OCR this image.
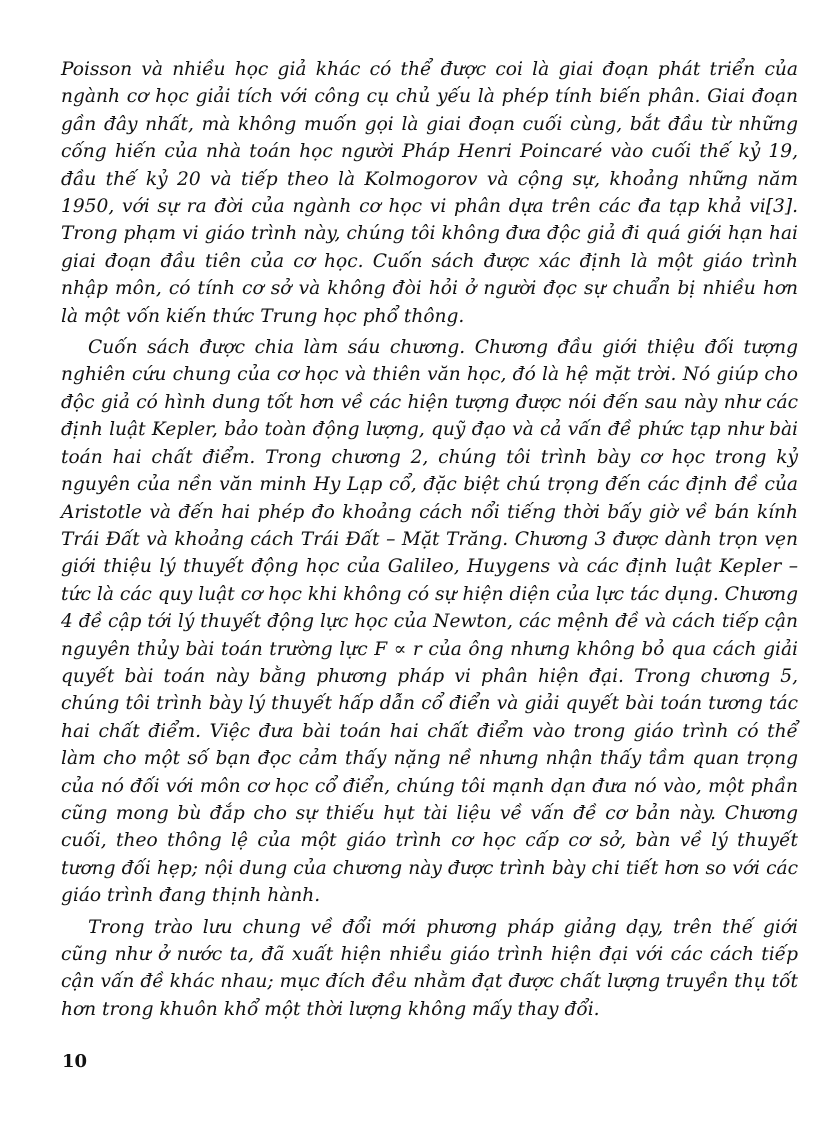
Poisson và nhiều học giả khác có thể được coi là giai đoạn phát triển của ngành cơ học giải tích với công cụ chủ yếu là phép tính biến phân. Giai đoạn gần đây nhất, mà không muốn gọi là giai đoạn cuối cùng, bắt đầu từ những cống hiến của nhà toán học người Pháp Henri Poincaré vào cuối thế kỷ 19, đầu thế kỷ 20 và tiếp theo là Kolmogorov và cộng sự, khoảng những năm 1950, với sự ra đời của ngành cơ học vi phân dựa trên các đa tạp khả vi[3]. Trong phạm vi giáo trình này, chúng tôi không đưa độc giả đi quá giới hạn hai giai đoạn đầu tiên của cơ học. Cuốn sách được xác định là một giáo trình nhập môn, có tính cơ sở và không đòi hỏi ở người đọc sự chuẩn bị nhiều hơn là một vốn kiến thức Trung học phổ thông.

Cuốn sách được chia làm sáu chương. Chương đầu giới thiệu đối tượng nghiên cứu chung của cơ học và thiên văn học, đó là hệ mặt trời. Nó giúp cho độc giả có hình dung tốt hơn về các hiện tượng được nói đến sau này như các định luật Kepler, bảo toàn động lượng, quỹ đạo và cả vấn đề phức tạp như bài toán hai chất điểm. Trong chương 2, chúng tôi trình bày cơ học trong kỷ nguyên của nền văn minh Hy Lạp cổ, đặc biệt chú trọng đến các định đề của Aristotle và đến hai phép đo khoảng cách nổi tiếng thời bấy giờ về bán kính Trái Đất và khoảng cách Trái Đất – Mặt Trăng. Chương 3 được dành trọn vẹn giới thiệu lý thuyết động học của Galileo, Huygens và các định luật Kepler – tức là các quy luật cơ học khi không có sự hiện diện của lực tác dụng. Chương 4 đề cập tới lý thuyết động lực học của Newton, các mệnh đề và cách tiếp cận nguyên thủy bài toán trường lực F ∝ r của ông nhưng không bỏ qua cách giải quyết bài toán này bằng phương pháp vi phân hiện đại. Trong chương 5, chúng tôi trình bày lý thuyết hấp dẫn cổ điển và giải quyết bài toán tương tác hai chất điểm. Việc đưa bài toán hai chất điểm vào trong giáo trình có thể làm cho một số bạn đọc cảm thấy nặng nề nhưng nhận thấy tầm quan trọng của nó đối với môn cơ học cổ điển, chúng tôi mạnh dạn đưa nó vào, một phần cũng mong bù đắp cho sự thiếu hụt tài liệu về vấn đề cơ bản này. Chương cuối, theo thông lệ của một giáo trình cơ học cấp cơ sở, bàn về lý thuyết tương đối hẹp; nội dung của chương này được trình bày chi tiết hơn so với các giáo trình đang thịnh hành.

Trong trào lưu chung về đổi mới phương pháp giảng dạy, trên thế giới cũng như ở nước ta, đã xuất hiện nhiều giáo trình hiện đại với các cách tiếp cận vấn đề khác nhau; mục đích đều nhằm đạt được chất lượng truyền thụ tốt hơn trong khuôn khổ một thời lượng không mấy thay đổi.

10
